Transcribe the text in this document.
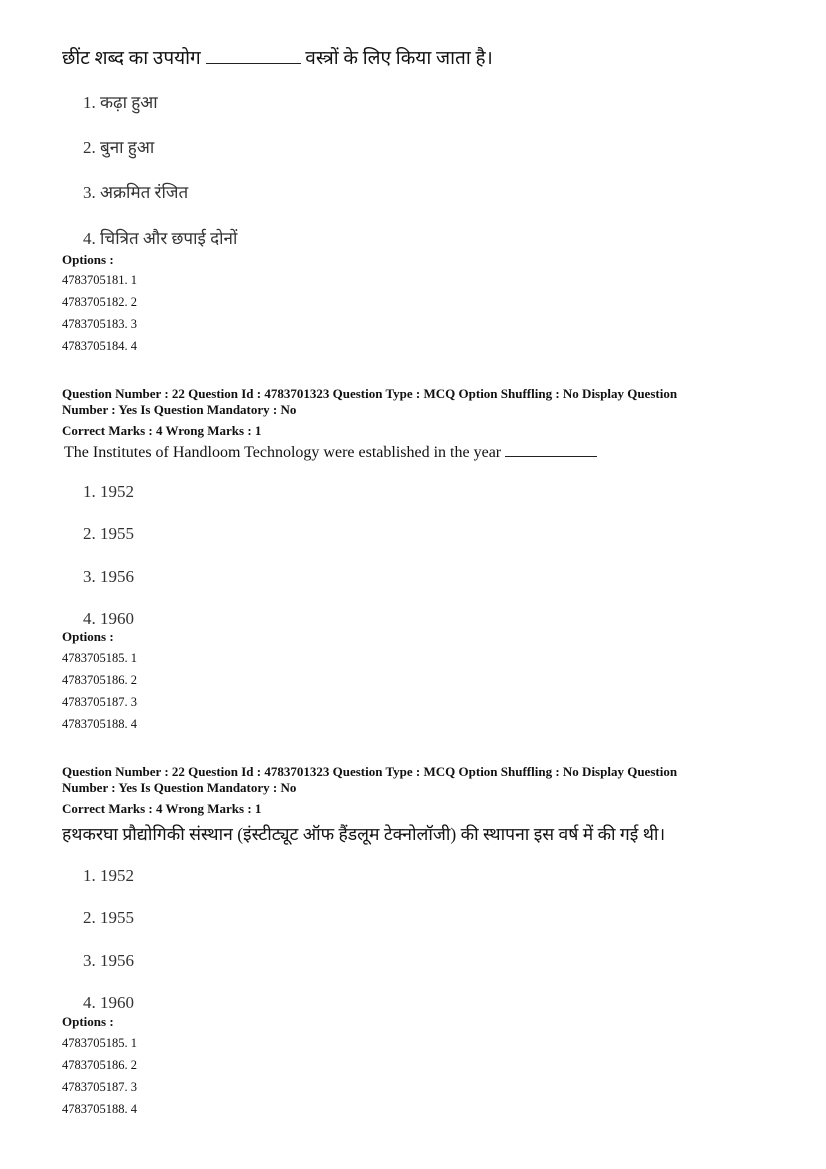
छींट शब्द का उपयोग	वस्त्रों के लिए किया जाता है।
1. कढ़ा हुआ
2. बुना हुआ
3. अक्रमित रंजित
4. चित्रित और छपाई दोनों
Options :
4783705181. 1
4783705182. 2
4783705183. 3
4783705184. 4
Question Number : 22 Question Id : 4783701323 Question Type : MCQ Option Shuffling : No Display Question
Number : Yes Is Question Mandatory : No
Correct Marks : 4 Wrong Marks : 1
The Institutes of Handloom Technology were established in the year
1. 1952
2. 1955
3. 1956
4. 1960
Options :
4783705185. 1
4783705186. 2
4783705187. 3
4783705188. 4
Question Number : 22 Question Id : 4783701323 Question Type : MCQ Option Shuffling : No Display Question
Number : Yes Is Question Mandatory : No
Correct Marks : 4 Wrong Marks : 1
हथकरघा प्रौद्योगिकी संस्थान (इंस्टीट्यूट ऑफ हैंडलूम टेक्नोलॉजी) की स्थापना इस वर्ष में की गई थी।
1. 1952
2. 1955
3. 1956
4. 1960
Options :
4783705185. 1
4783705186. 2
4783705187. 3
4783705188. 4
